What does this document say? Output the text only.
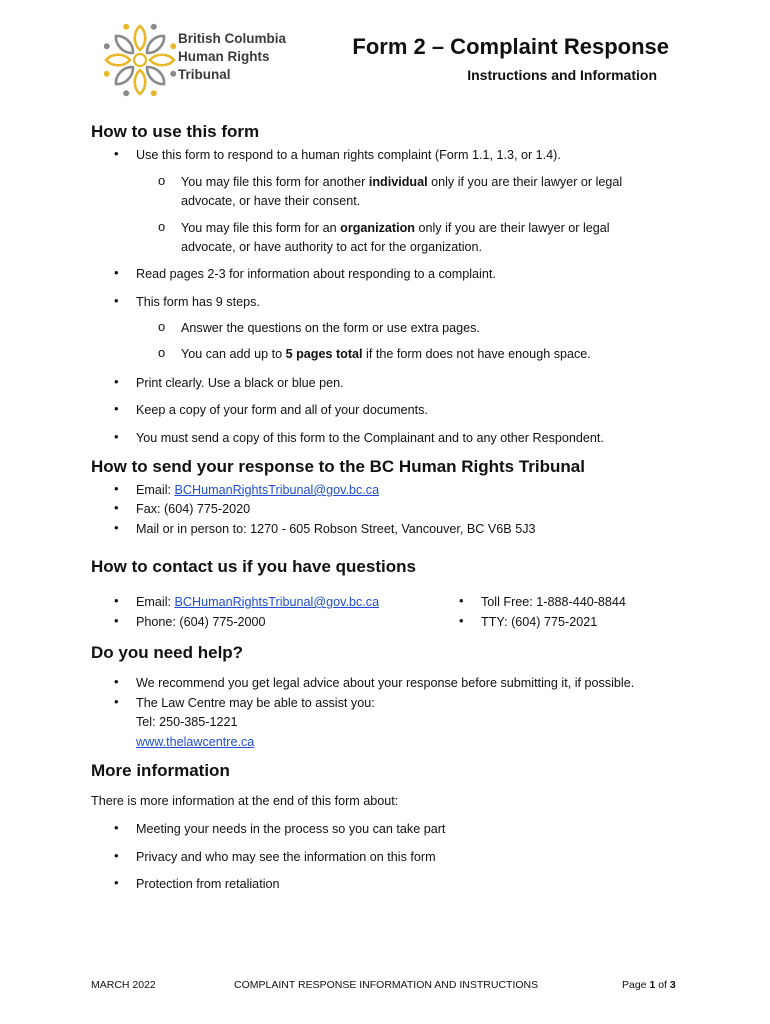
British Columbia
Human Rights
Tribunal
Form 2 – Complaint Response
Instructions and Information
How to use this form
• Use this form to respond to a human rights complaint (Form 1.1, 1.3, or 1.4).
o You may file this form for another individual only if you are their lawyer or legal
advocate, or have their consent.
o You may file this form for an organization only if you are their lawyer or legal
advocate, or have authority to act for the organization.
• Read pages 2-3 for information about responding to a complaint.
• This form has 9 steps.
o Answer the questions on the form or use extra pages.
o You can add up to 5 pages total if the form does not have enough space.
• Print clearly. Use a black or blue pen.
• Keep a copy of your form and all of your documents.
• You must send a copy of this form to the Complainant and to any other Respondent.
How to send your response to the BC Human Rights Tribunal
• Email: BCHumanRightsTribunal@gov.bc.ca
• Fax: (604) 775-2020
• Mail or in person to: 1270 - 605 Robson Street, Vancouver, BC V6B 5J3
How to contact us if you have questions
• Email: BCHumanRightsTribunal@gov.bc.ca
• Phone: (604) 775-2000
• Toll Free: 1-888-440-8844
• TTY: (604) 775-2021
Do you need help?
• We recommend you get legal advice about your response before submitting it, if possible.
• The Law Centre may be able to assist you:
Tel: 250-385-1221
www.thelawcentre.ca
More information
There is more information at the end of this form about:
• Meeting your needs in the process so you can take part
• Privacy and who may see the information on this form
• Protection from retaliation
MARCH 2022	COMPLAINT RESPONSE INFORMATION AND INSTRUCTIONS	Page 1 of 3
